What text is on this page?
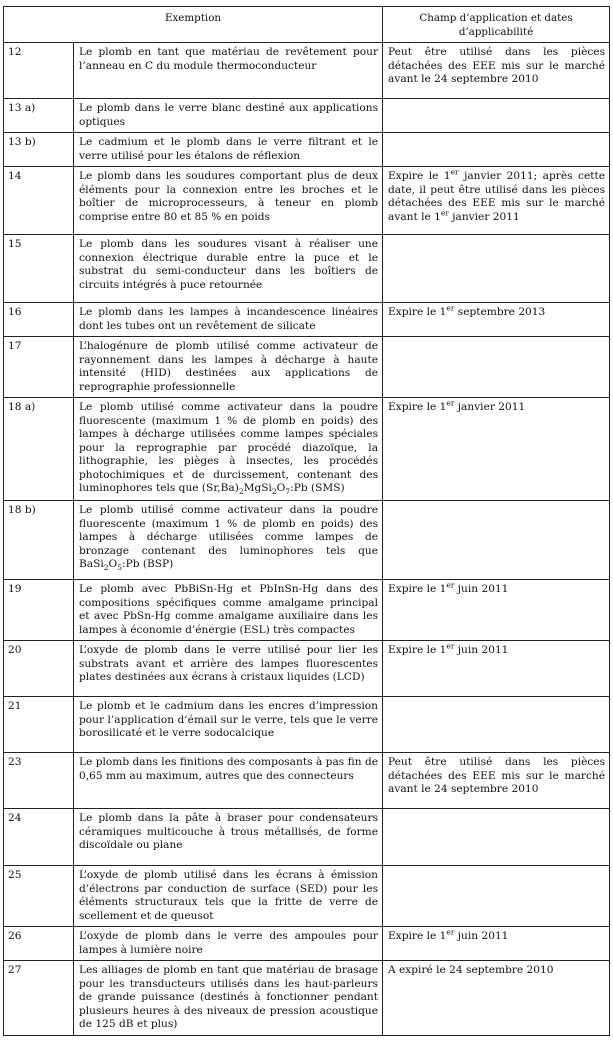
Exemption		Champ d’application et dates d’applicabilité
12	Le plomb en tant que matériau de revêtement pour l’anneau en C du module thermoconducteur	Peut être utilisé dans les pièces détachées des EEE mis sur le marché avant le 24 septembre 2010
13 a)	Le plomb dans le verre blanc destiné aux applications optiques	
13 b)	Le cadmium et le plomb dans le verre filtrant et le verre utilisé pour les étalons de réflexion	
14	Le plomb dans les soudures comportant plus de deux éléments pour la connexion entre les broches et le boîtier de microprocesseurs, à teneur en plomb comprise entre 80 et 85 % en poids	Expire le 1er janvier 2011; après cette date, il peut être utilisé dans les pièces détachées des EEE mis sur le marché avant le 1er janvier 2011
15	Le plomb dans les soudures visant à réaliser une connexion électrique durable entre la puce et le substrat du semi-conducteur dans les boîtiers de circuits intégrés à puce retournée	
16	Le plomb dans les lampes à incandescence linéaires dont les tubes ont un revêtement de silicate	Expire le 1er septembre 2013
17	L’halogénure de plomb utilisé comme activateur de rayonnement dans les lampes à décharge à haute intensité (HID) destinées aux applications de reprographie professionnelle	
18 a)	Le plomb utilisé comme activateur dans la poudre fluorescente (maximum 1 % de plomb en poids) des lampes à décharge utilisées comme lampes spéciales pour la reprographie par procédé diazoïque, la lithographie, les pièges à insectes, les procédés photochimiques et de durcissement, contenant des luminophores tels que $(Sr,Ba)_2MgSi_2O_7:Pb$ (SMS)	Expire le 1er janvier 2011
18 b)	Le plomb utilisé comme activateur dans la poudre fluorescente (maximum 1 % de plomb en poids) des lampes à décharge utilisées comme lampes de bronzage contenant des luminophores tels que $BaSi_2O_5:Pb$ (BSP)	
19	Le plomb avec PbBiSn-Hg et PbInSn-Hg dans des compositions spécifiques comme amalgame principal et avec PbSn-Hg comme amalgame auxiliaire dans les lampes à économie d’énergie (ESL) très compactes	Expire le 1er juin 2011
20	L’oxyde de plomb dans le verre utilisé pour lier les substrats avant et arrière des lampes fluorescentes plates destinées aux écrans à cristaux liquides (LCD)	Expire le 1er juin 2011
21	Le plomb et le cadmium dans les encres d’impression pour l’application d’émail sur le verre, tels que le verre borosilicaté et le verre sodocalcique	
23	Le plomb dans les finitions des composants à pas fin de 0,65 mm au maximum, autres que des connecteurs	Peut être utilisé dans les pièces détachées des EEE mis sur le marché avant le 24 septembre 2010
24	Le plomb dans la pâte à braser pour condensateurs céramiques multicouche à trous métallisés, de forme discoïdale ou plane	
25	L’oxyde de plomb utilisé dans les écrans à émission d’électrons par conduction de surface (SED) pour les éléments structuraux tels que la fritte de verre de scellement et de queusot	
26	L’oxyde de plomb dans le verre des ampoules pour lampes à lumière noire	Expire le 1er juin 2011
27	Les alliages de plomb en tant que matériau de brasage pour les transducteurs utilisés dans les haut-parleurs de grande puissance (destinés à fonctionner pendant plusieurs heures à des niveaux de pression acoustique de 125 dB et plus)	A expiré le 24 septembre 2010
